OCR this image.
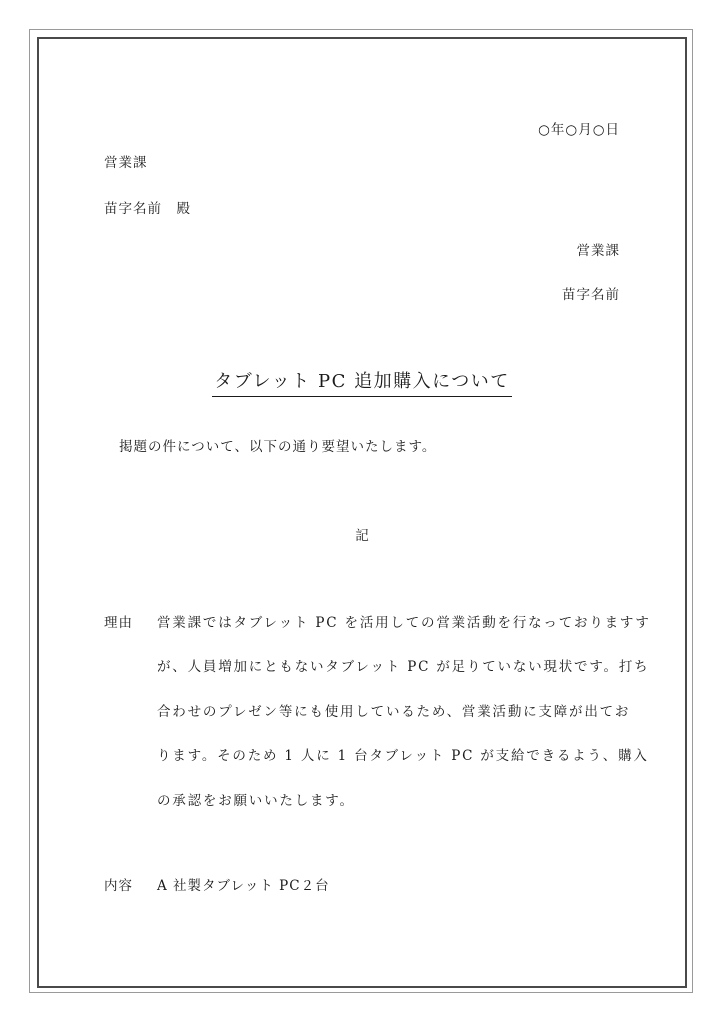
○年○月○日
営業課
苗字名前　殿
営業課
苗字名前
タブレット PC 追加購入について
掲題の件について、以下の通り要望いたします。
記
理由 営業課ではタブレット PC を活用しての営業活動を行なっておりますす
が、人員増加にともないタブレット PC が足りていない現状です。打ち
合わせのプレゼン等にも使用しているため、営業活動に支障が出てお
ります。そのため 1 人に 1 台タブレット PC が支給できるよう、購入
の承認をお願いいたします。
内容 A 社製タブレット PC２台
